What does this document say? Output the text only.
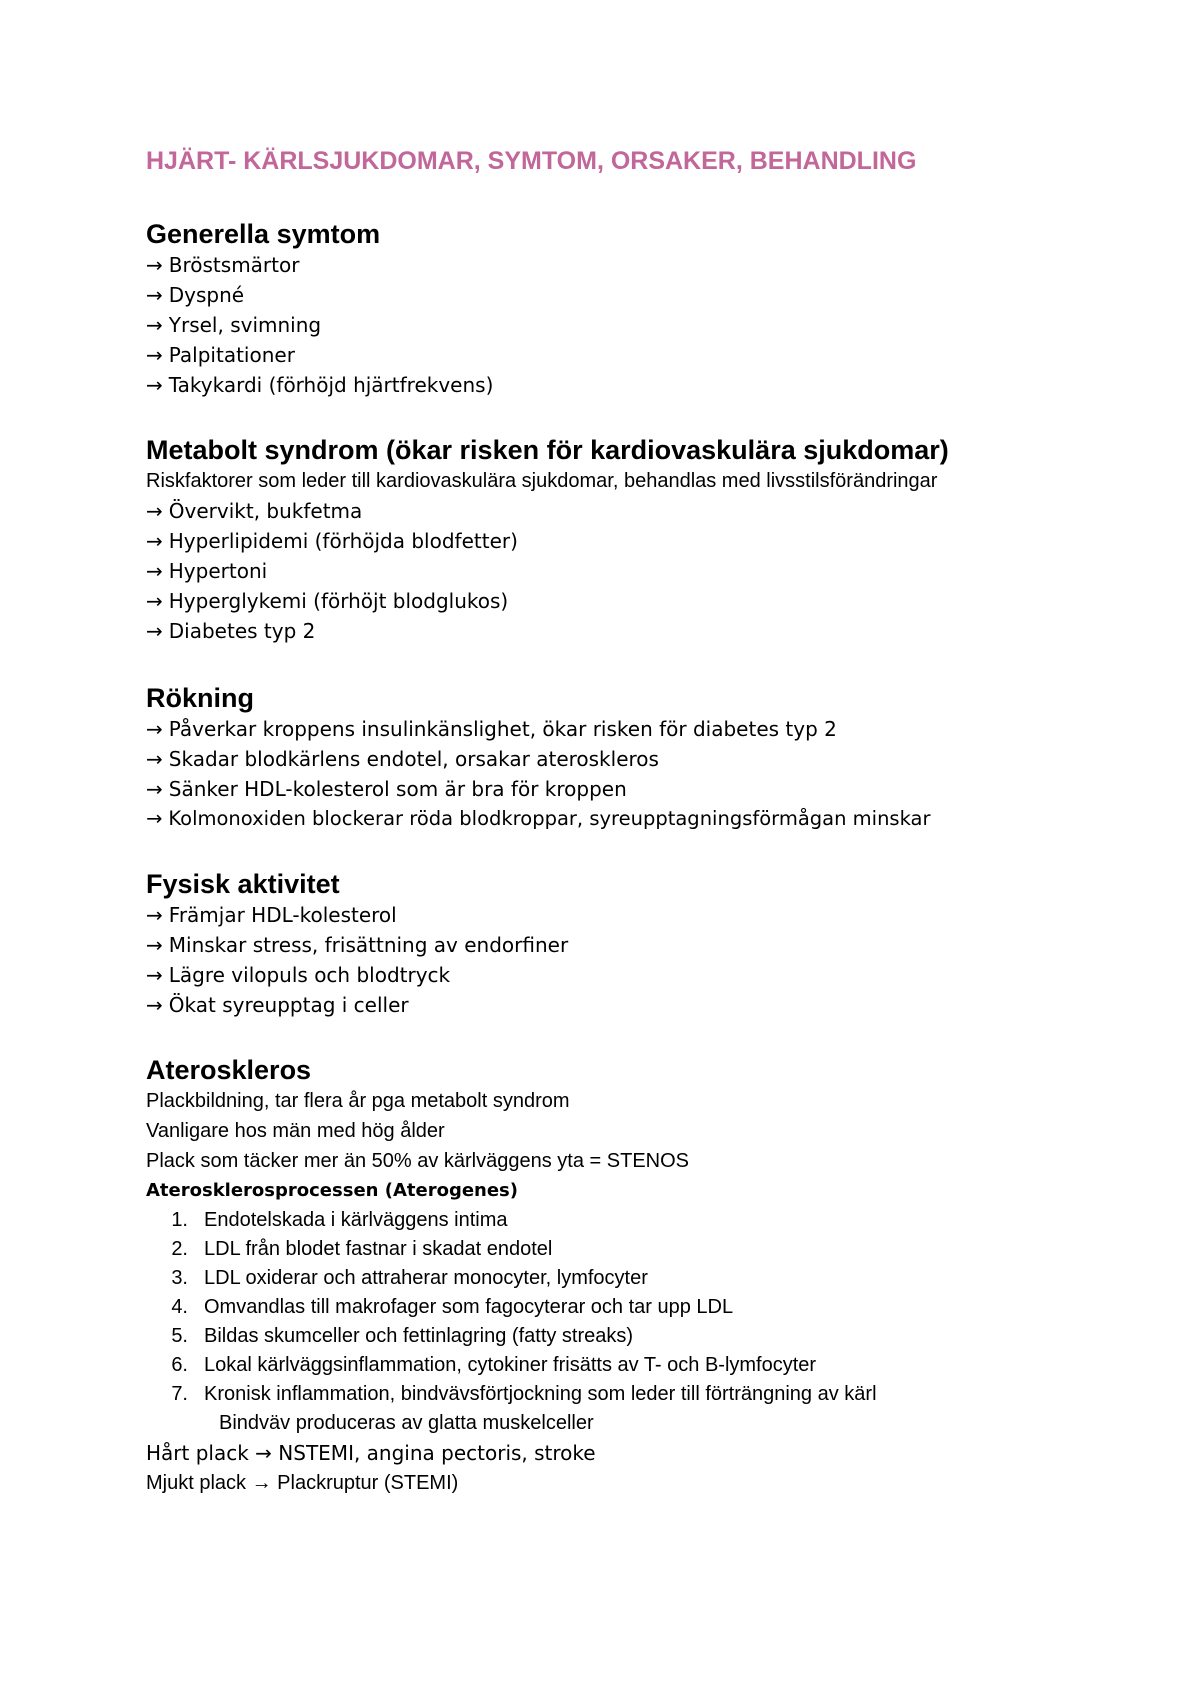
HJÄRT- KÄRLSJUKDOMAR, SYMTOM, ORSAKER, BEHANDLING
Generella symtom
→ Bröstsmärtor
→ Dyspné
→ Yrsel, svimning
→ Palpitationer
→ Takykardi (förhöjd hjärtfrekvens)
Metabolt syndrom (ökar risken för kardiovaskulära sjukdomar)
Riskfaktorer som leder till kardiovaskulära sjukdomar, behandlas med livsstilsförändringar
→ Övervikt, bukfetma
→ Hyperlipidemi (förhöjda blodfetter)
→ Hypertoni
→ Hyperglykemi (förhöjt blodglukos)
→ Diabetes typ 2
Rökning
→ Påverkar kroppens insulinkänslighet, ökar risken för diabetes typ 2
→ Skadar blodkärlens endotel, orsakar ateroskleros
→ Sänker HDL-kolesterol som är bra för kroppen
→ Kolmonoxiden blockerar röda blodkroppar, syreupptagningsförmågan minskar
Fysisk aktivitet
→ Främjar HDL-kolesterol
→ Minskar stress, frisättning av endorfiner
→ Lägre vilopuls och blodtryck
→ Ökat syreupptag i celler
Ateroskleros
Plackbildning, tar flera år pga metabolt syndrom
Vanligare hos män med hög ålder
Plack som täcker mer än 50% av kärlväggens yta = STENOS
Aterosklerosprocessen (Aterogenes)
1. Endotelskada i kärlväggens intima
2. LDL från blodet fastnar i skadat endotel
3. LDL oxiderar och attraherar monocyter, lymfocyter
4. Omvandlas till makrofager som fagocyterar och tar upp LDL
5. Bildas skumceller och fettinlagring (fatty streaks)
6. Lokal kärlväggsinflammation, cytokiner frisätts av T- och B-lymfocyter
7. Kronisk inflammation, bindvävsförtjockning som leder till förträngning av kärl
Bindväv produceras av glatta muskelceller
Hårt plack → NSTEMI, angina pectoris, stroke
Mjukt plack → Plackruptur (STEMI)
